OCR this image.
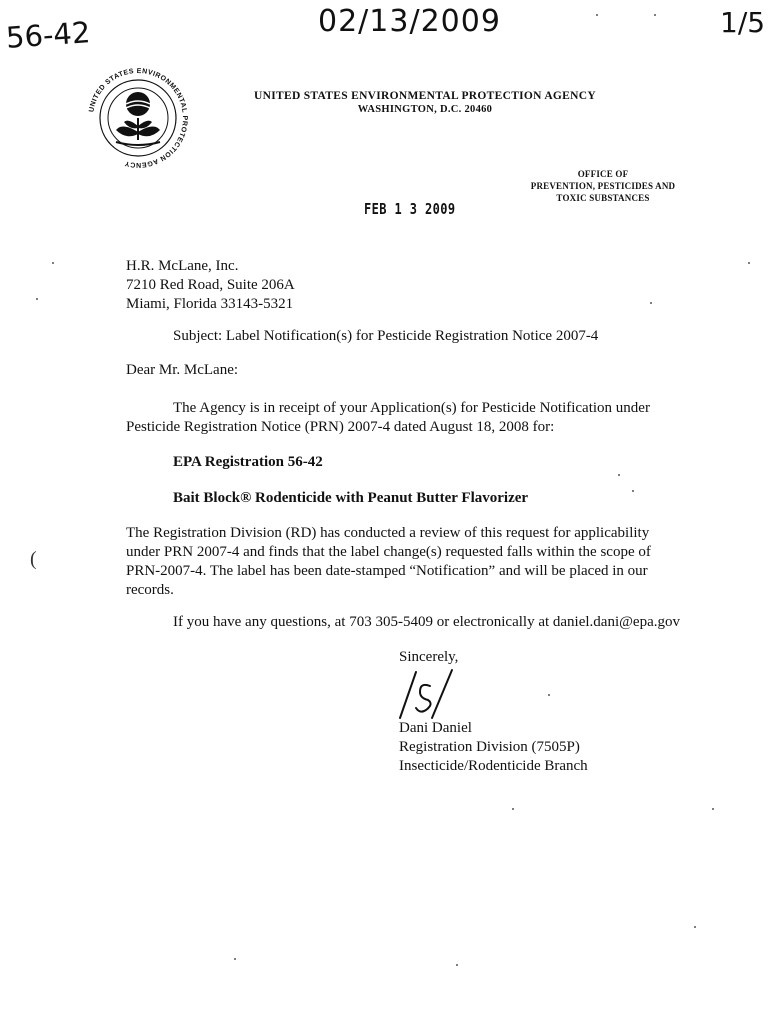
56-42	02/13/2009	1/5
UNITED STATES ENVIRONMENTAL PROTECTION AGENCY
UNITED STATES ENVIRONMENTAL PROTECTION AGENCY
WASHINGTON, D.C. 20460
OFFICE OF
PREVENTION, PESTICIDES AND
TOXIC SUBSTANCES
FEB 1 3 2009
H.R. McLane, Inc.
7210 Red Road, Suite 206A
Miami, Florida 33143-5321
Subject: Label Notification(s) for Pesticide Registration Notice 2007-4
Dear Mr. McLane:
The Agency is in receipt of your Application(s) for Pesticide Notification under
Pesticide Registration Notice (PRN) 2007-4 dated August 18, 2008 for:
EPA Registration 56-42
Bait Block® Rodenticide with Peanut Butter Flavorizer
The Registration Division (RD) has conducted a review of this request for applicability
under PRN 2007-4 and finds that the label change(s) requested falls within the scope of
PRN-2007-4. The label has been date-stamped “Notification” and will be placed in our
records.
If you have any questions, at 703 305-5409 or electronically at daniel.dani@epa.gov
Sincerely,
Dani Daniel
Registration Division (7505P)
Insecticide/Rodenticide Branch
(
